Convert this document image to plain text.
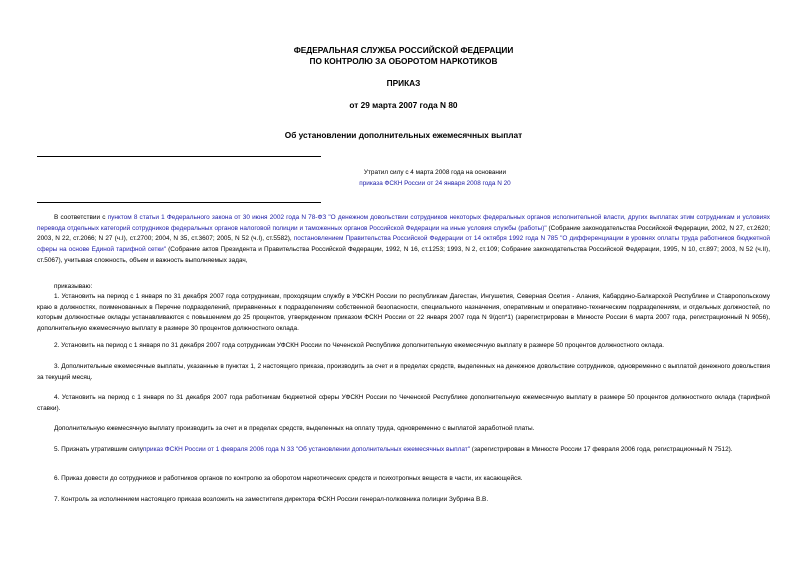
ФЕДЕРАЛЬНАЯ СЛУЖБА РОССИЙСКОЙ ФЕДЕРАЦИИ
ПО КОНТРОЛЮ ЗА ОБОРОТОМ НАРКОТИКОВ
ПРИКАЗ
от 29 марта 2007 года N 80
Об установлении дополнительных ежемесячных выплат
Утратил силу с 4 марта 2008 года на основании
приказа ФСКН России от 24 января 2008 года N 20
В соответствии с пунктом 8 статьи 1 Федерального закона от 30 июня 2002 года N 78-ФЗ "О денежном довольствии сотрудников некоторых федеральных органов исполнительной власти, других выплатах этим сотрудникам и условиях перевода отдельных категорий сотрудников федеральных органов налоговой полиции и таможенных органов Российской Федерации на иные условия службы (работы)" (Собрание законодательства Российской Федерации, 2002, N 27, ст.2620; 2003, N 22, ст.2066; N 27 (ч.I), ст.2700; 2004, N 35, ст.3607; 2005, N 52 (ч.I), ст.5582), постановлением Правительства Российской Федерации от 14 октября 1992 года N 785 "О дифференциации в уровнях оплаты труда работников бюджетной сферы на основе Единой тарифной сетки" (Собрание актов Президента и Правительства Российской Федерации, 1992, N 16, ст.1253; 1993, N 2, ст.109; Собрание законодательства Российской Федерации, 1995, N 10, ст.897; 2003, N 52 (ч.II), ст.5067), учитывая сложность, объем и важность выполняемых задач,
приказываю:
1. Установить на период с 1 января по 31 декабря 2007 года сотрудникам, проходящим службу в УФСКН России по республикам Дагестан, Ингушетия, Северная Осетия - Алания, Кабардино-Балкарской Республике и Ставропольскому краю в должностях, поименованных в Перечне подразделений, приравненных к подразделениям собственной безопасности, специального назначения, оперативным и оперативно-техническим подразделениям, и отдельных должностей, по которым должностные оклады устанавливаются с повышением до 25 процентов, утвержденном приказом ФСКН России от 22 января 2007 года N 9/дсп*1) (зарегистрирован в Минюсте России 6 марта 2007 года, регистрационный N 9056), дополнительную ежемесячную выплату в размере 30 процентов должностного оклада.
2. Установить на период с 1 января по 31 декабря 2007 года сотрудникам УФСКН России по Чеченской Республике дополнительную ежемесячную выплату в размере 50 процентов должностного оклада.
3. Дополнительные ежемесячные выплаты, указанные в пунктах 1, 2 настоящего приказа, производить за счет и в пределах средств, выделенных на денежное довольствие сотрудников, одновременно с выплатой денежного довольствия за текущий месяц.
4. Установить на период с 1 января по 31 декабря 2007 года работникам бюджетной сферы УФСКН России по Чеченской Республике дополнительную ежемесячную выплату в размере 50 процентов должностного оклада (тарифной ставки).
Дополнительную ежемесячную выплату производить за счет и в пределах средств, выделенных на оплату труда, одновременно с выплатой заработной платы.
5. Признать утратившим силуприказ ФСКН России от 1 февраля 2006 года N 33 "Об установлении дополнительных ежемесячных выплат" (зарегистрирован в Минюсте России 17 февраля 2006 года, регистрационный N 7512).
6. Приказ довести до сотрудников и работников органов по контролю за оборотом наркотических средств и психотропных веществ в части, их касающейся.
7. Контроль за исполнением настоящего приказа возложить на заместителя директора ФСКН России генерал-полковника полиции Зубрина В.В.
